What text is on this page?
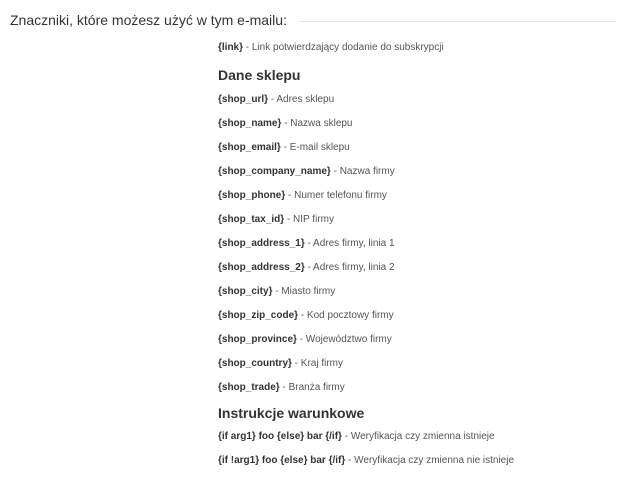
Znaczniki, które możesz użyć w tym e-mailu:
{link} - Link potwierdzający dodanie do subskrypcji
Dane sklepu
{shop_url} - Adres sklepu
{shop_name} - Nazwa sklepu
{shop_email} - E-mail sklepu
{shop_company_name} - Nazwa firmy
{shop_phone} - Numer telefonu firmy
{shop_tax_id} - NIP firmy
{shop_address_1} - Adres firmy, linia 1
{shop_address_2} - Adres firmy, linia 2
{shop_city} - Miasto firmy
{shop_zip_code} - Kod pocztowy firmy
{shop_province} - Województwo firmy
{shop_country} - Kraj firmy
{shop_trade} - Branża firmy
Instrukcje warunkowe
{if arg1} foo {else} bar {/if} - Weryfikacja czy zmienna istnieje
{if !arg1} foo {else} bar {/if} - Weryfikacja czy zmienna nie istnieje
